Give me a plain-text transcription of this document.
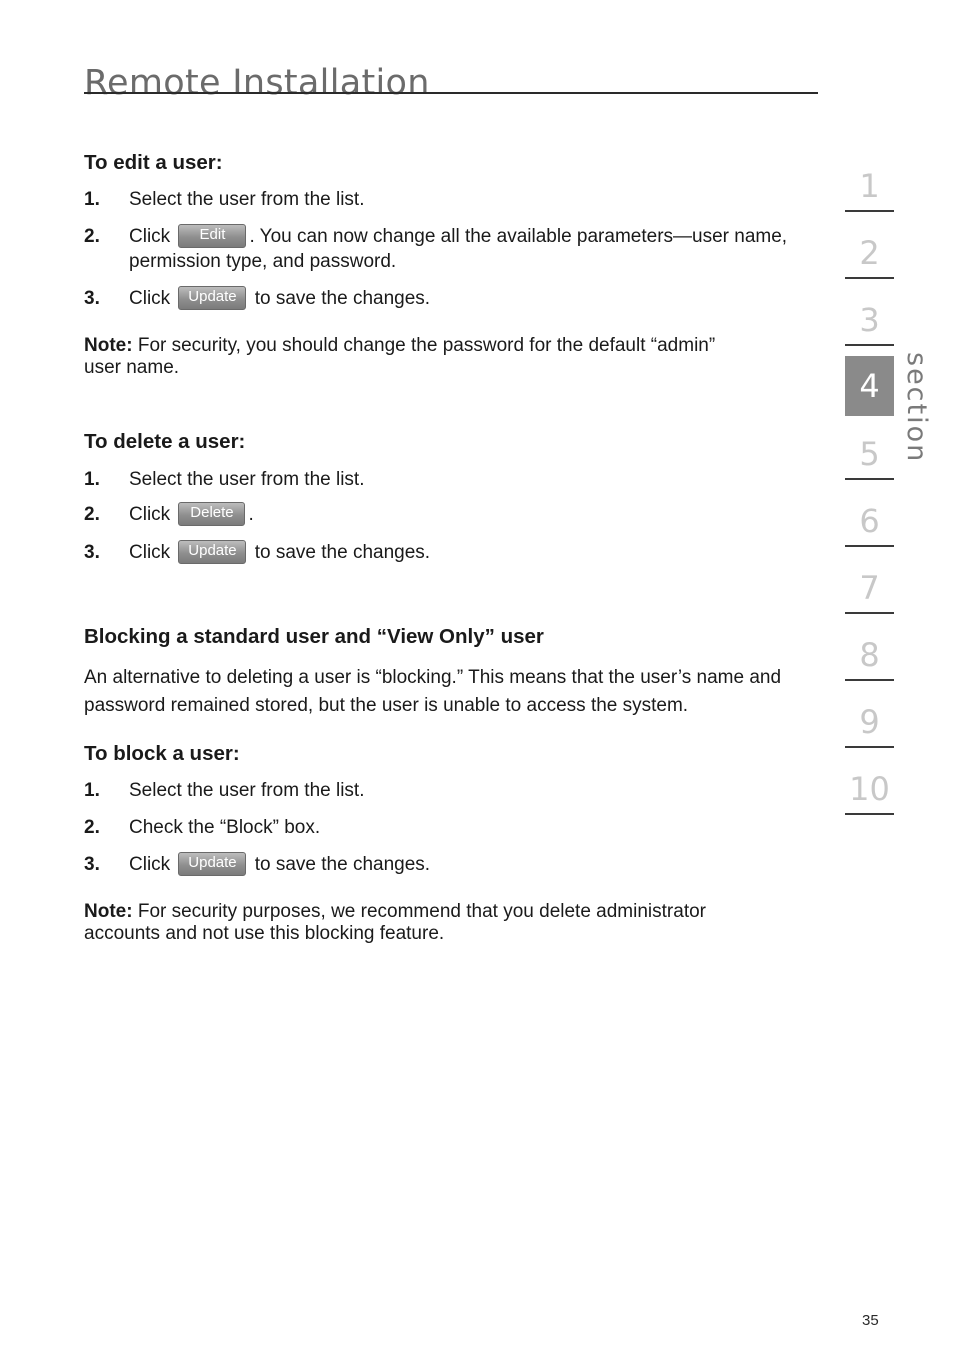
Remote Installation
To edit a user:
1. Select the user from the list.
2. Click Edit . You can now change all the available parameters—user name, permission type, and password.
3. Click Update to save the changes.

Note: For security, you should change the password for the default “admin” user name.

To delete a user:
1. Select the user from the list.
2. Click Delete .
3. Click Update to save the changes.
Blocking a standard user and “View Only” user

An alternative to deleting a user is “blocking.” This means that the user’s name and password remained stored, but the user is unable to access the system.

To block a user:
1. Select the user from the list.
2. Check the “Block” box.
3. Click Update to save the changes.

Note: For security purposes, we recommend that you delete administrator accounts and not use this blocking feature.

1
2
3
4
5
6
7
8
9
10
section
35
